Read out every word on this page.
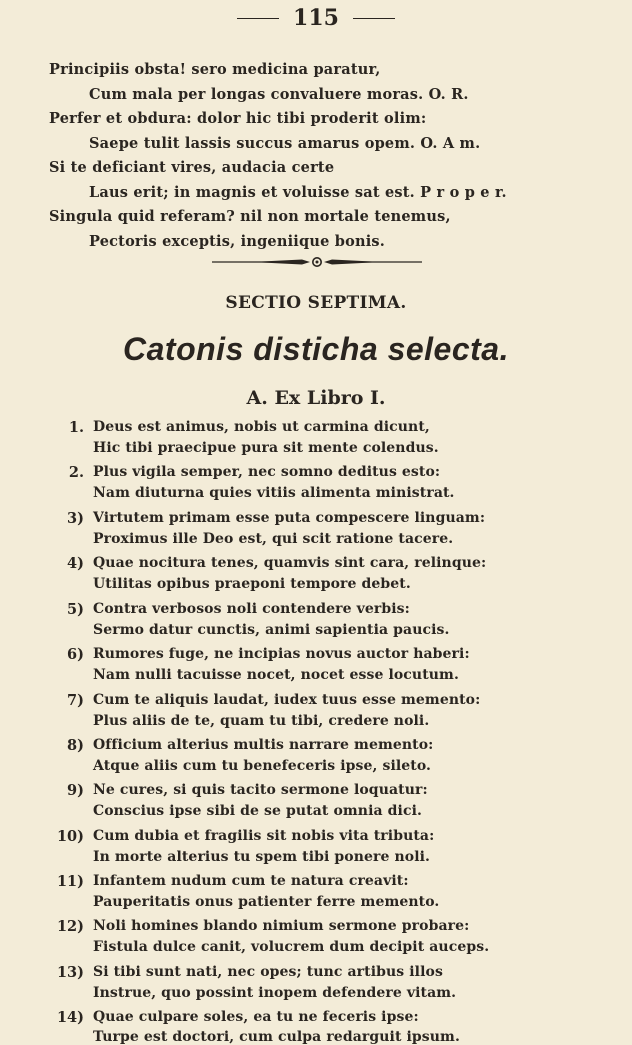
115
Principiis obsta! sero medicina paratur,
Cum mala per longas convaluere moras. O. R.
Perfer et obdura: dolor hic tibi proderit olim:
Saepe tulit lassis succus amarus opem. O. A m.
Si te deficiant vires, audacia certe
Laus erit; in magnis et voluisse sat est. P r o p e r.
Singula quid referam? nil non mortale tenemus,
Pectoris exceptis, ingeniique bonis.
SECTIO SEPTIMA.
Catonis disticha selecta.
A. Ex Libro I.
1. Deus est animus, nobis ut carmina dicunt,
Hic tibi praecipue pura sit mente colendus.
2. Plus vigila semper, nec somno deditus esto:
Nam diuturna quies vitiis alimenta ministrat.
3) Virtutem primam esse puta compescere linguam:
Proximus ille Deo est, qui scit ratione tacere.
4) Quae nocitura tenes, quamvis sint cara, relinque:
Utilitas opibus praeponi tempore debet.
5) Contra verbosos noli contendere verbis:
Sermo datur cunctis, animi sapientia paucis.
6) Rumores fuge, ne incipias novus auctor haberi:
Nam nulli tacuisse nocet, nocet esse locutum.
7) Cum te aliquis laudat, iudex tuus esse memento:
Plus aliis de te, quam tu tibi, credere noli.
8) Officium alterius multis narrare memento:
Atque aliis cum tu benefeceris ipse, sileto.
9) Ne cures, si quis tacito sermone loquatur:
Conscius ipse sibi de se putat omnia dici.
10) Cum dubia et fragilis sit nobis vita tributa:
In morte alterius tu spem tibi ponere noli.
11) Infantem nudum cum te natura creavit:
Pauperitatis onus patienter ferre memento.
12) Noli homines blando nimium sermone probare:
Fistula dulce canit, volucrem dum decipit auceps.
13) Si tibi sunt nati, nec opes; tunc artibus illos
Instrue, quo possint inopem defendere vitam.
14) Quae culpare soles, ea tu ne feceris ipse:
Turpe est doctori, cum culpa redarguit ipsum.
